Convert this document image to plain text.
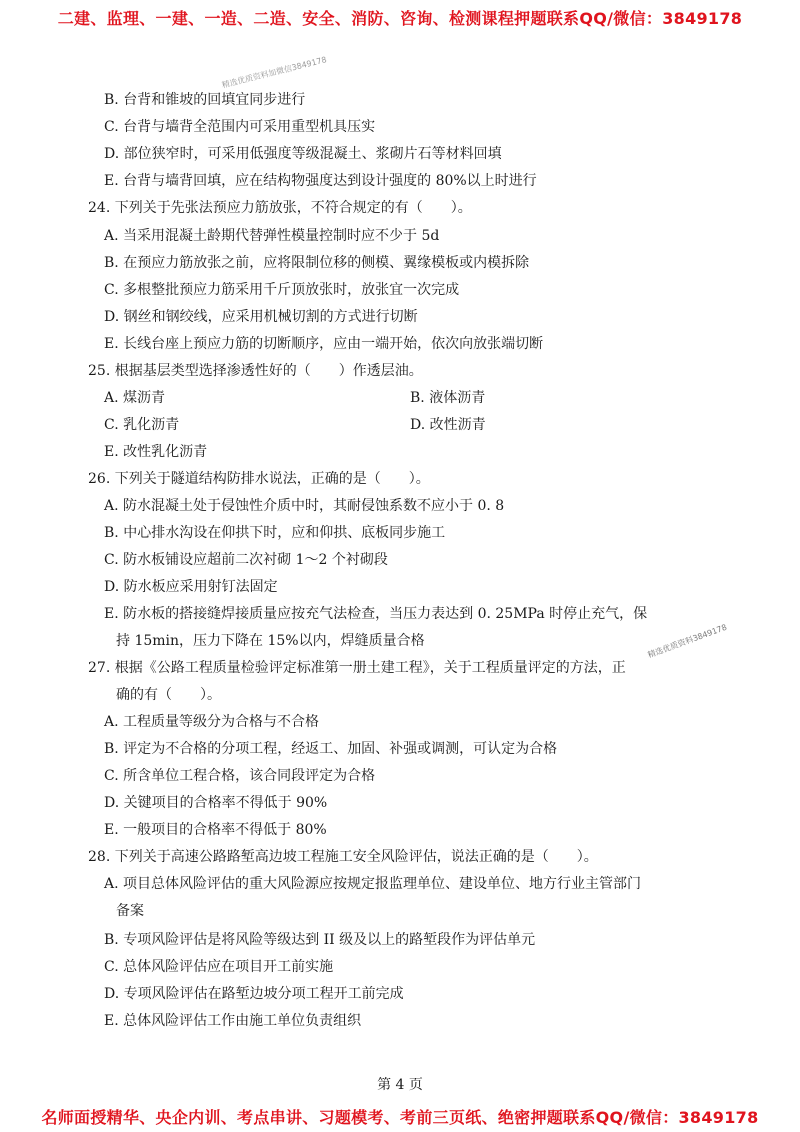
二建、监理、一建、一造、二造、安全、消防、咨询、检测课程押题联系QQ/微信：3849178
精选优质资料加微信3849178
精选优质资料3849178
B. 台背和锥坡的回填宜同步进行
C. 台背与墙背全范围内可采用重型机具压实
D. 部位狭窄时，可采用低强度等级混凝土、浆砌片石等材料回填
E. 台背与墙背回填，应在结构物强度达到设计强度的 80%以上时进行
24. 下列关于先张法预应力筋放张，不符合规定的有（　　）。
A. 当采用混凝土龄期代替弹性模量控制时应不少于 5d
B. 在预应力筋放张之前，应将限制位移的侧模、翼缘模板或内模拆除
C. 多根整批预应力筋采用千斤顶放张时，放张宜一次完成
D. 钢丝和钢绞线，应采用机械切割的方式进行切断
E. 长线台座上预应力筋的切断顺序，应由一端开始，依次向放张端切断
25. 根据基层类型选择渗透性好的（　　）作透层油。
A. 煤沥青	B. 液体沥青
C. 乳化沥青	D. 改性沥青
E. 改性乳化沥青
26. 下列关于隧道结构防排水说法，正确的是（　　）。
A. 防水混凝土处于侵蚀性介质中时，其耐侵蚀系数不应小于 0. 8
B. 中心排水沟设在仰拱下时，应和仰拱、底板同步施工
C. 防水板铺设应超前二次衬砌 1～2 个衬砌段
D. 防水板应采用射钉法固定
E. 防水板的搭接缝焊接质量应按充气法检查，当压力表达到 0. 25MPa 时停止充气，保
持 15min，压力下降在 15%以内，焊缝质量合格
27. 根据《公路工程质量检验评定标准第一册土建工程》，关于工程质量评定的方法，正
确的有（　　）。
A. 工程质量等级分为合格与不合格
B. 评定为不合格的分项工程，经返工、加固、补强或调测，可认定为合格
C. 所含单位工程合格，该合同段评定为合格
D. 关键项目的合格率不得低于 90%
E. 一般项目的合格率不得低于 80%
28. 下列关于高速公路路堑高边坡工程施工安全风险评估，说法正确的是（　　）。
A. 项目总体风险评估的重大风险源应按规定报监理单位、建设单位、地方行业主管部门
备案
B. 专项风险评估是将风险等级达到 II 级及以上的路堑段作为评估单元
C. 总体风险评估应在项目开工前实施
D. 专项风险评估在路堑边坡分项工程开工前完成
E. 总体风险评估工作由施工单位负责组织
第 4 页
名师面授精华、央企内训、考点串讲、习题模考、考前三页纸、绝密押题联系QQ/微信：3849178
